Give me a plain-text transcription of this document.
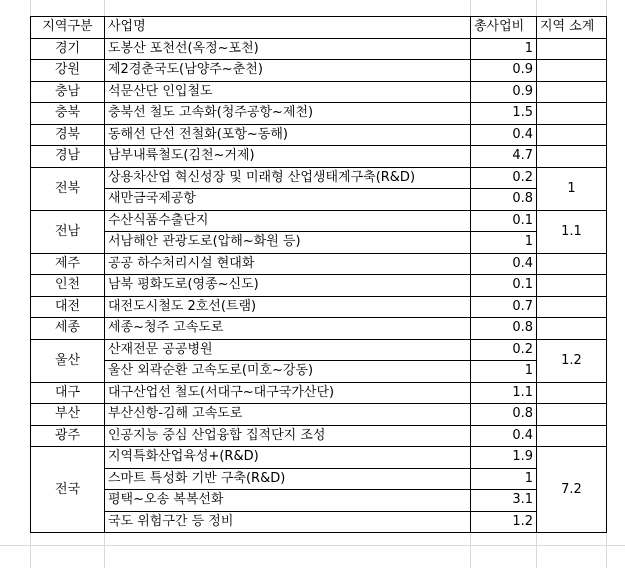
지역구분	사업명	총사업비	지역 소계
경기	도봉산 포천선(옥정~포천)	1	
강원	제2경춘국도(남양주~춘천)	0.9	
충남	석문산단 인입철도	0.9	
충북	충북선 철도 고속화(청주공항~제천)	1.5	
경북	동해선 단선 전철화(포항~동해)	0.4	
경남	남부내륙철도(김천~거제)	4.7	
전북	상용차산업 혁신성장 및 미래형 산업생태계구축(R&D)	0.2	1
	새만금국제공항	0.8	
전남	수산식품수출단지	0.1	1.1
	서남해안 관광도로(압해~화원 등)	1	
제주	공공 하수처리시설 현대화	0.4	
인천	남북 평화도로(영종~신도)	0.1	
대전	대전도시철도 2호선(트램)	0.7	
세종	세종~청주 고속도로	0.8	
울산	산재전문 공공병원	0.2	1.2
	울산 외곽순환 고속도로(미호~강동)	1	
대구	대구산업선 철도(서대구~대구국가산단)	1.1	
부산	부산신항-김해 고속도로	0.8	
광주	인공지능 중심 산업융합 집적단지 조성	0.4	
전국	지역특화산업육성+(R&D)	1.9	7.2
	스마트 특성화 기반 구축(R&D)	1	
	평택~오송 복복선화	3.1	
	국도 위험구간 등 정비	1.2	
